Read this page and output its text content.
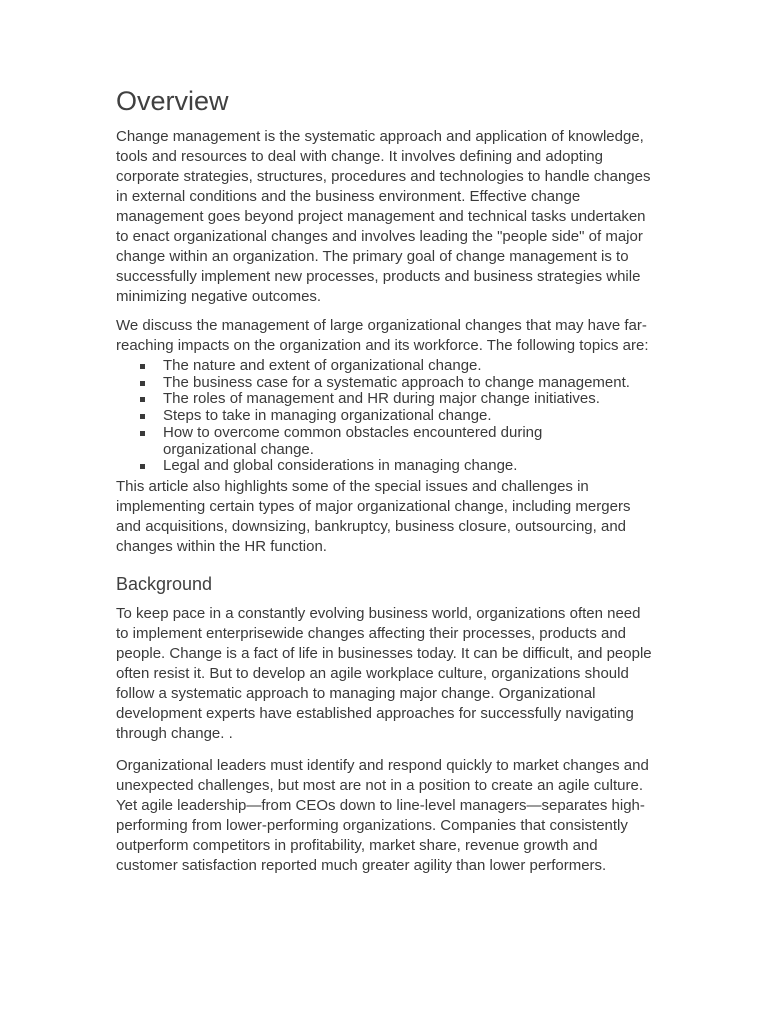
Overview

Change management is the systematic approach and application of knowledge, tools and resources to deal with change. It involves defining and adopting corporate strategies, structures, procedures and technologies to handle changes in external conditions and the business environment. Effective change management goes beyond project management and technical tasks undertaken to enact organizational changes and involves leading the "people side" of major change within an organization. The primary goal of change management is to successfully implement new processes, products and business strategies while minimizing negative outcomes.

We discuss the management of large organizational changes that may have far-reaching impacts on the organization and its workforce. The following topics are:

The nature and extent of organizational change.
The business case for a systematic approach to change management.
The roles of management and HR during major change initiatives.
Steps to take in managing organizational change.
How to overcome common obstacles encountered during organizational change.
Legal and global considerations in managing change.

This article also highlights some of the special issues and challenges in implementing certain types of major organizational change, including mergers and acquisitions, downsizing, bankruptcy, business closure, outsourcing, and changes within the HR function.

Background

To keep pace in a constantly evolving business world, organizations often need to implement enterprisewide changes affecting their processes, products and people. Change is a fact of life in businesses today. It can be difficult, and people often resist it. But to develop an agile workplace culture, organizations should follow a systematic approach to managing major change. Organizational development experts have established approaches for successfully navigating through change. .

Organizational leaders must identify and respond quickly to market changes and unexpected challenges, but most are not in a position to create an agile culture. Yet agile leadership—from CEOs down to line-level managers—separates high-performing from lower-performing organizations. Companies that consistently outperform competitors in profitability, market share, revenue growth and customer satisfaction reported much greater agility than lower performers.
